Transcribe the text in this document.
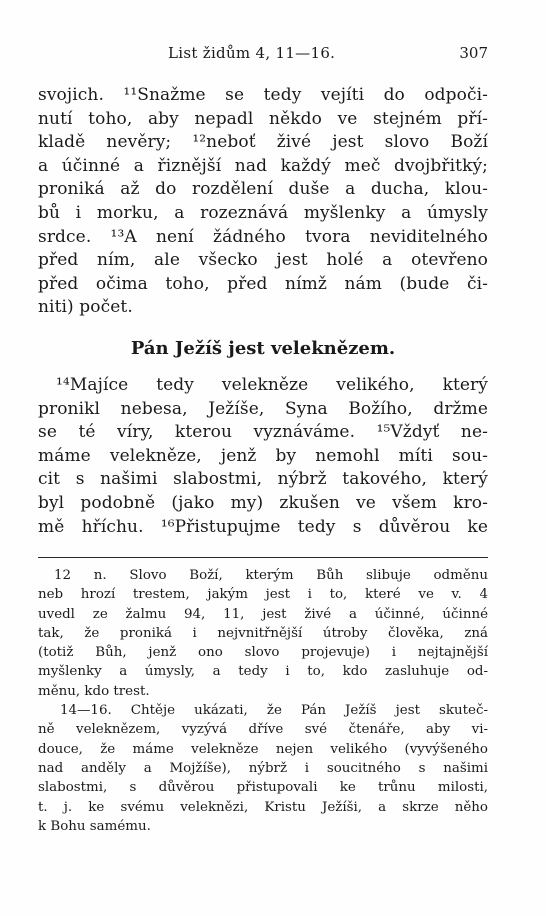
List židům 4, 11—16.	307
svojich. ¹¹Snažme se tedy vejíti do odpoči-
nutí toho, aby nepadl někdo ve stejném pří-
kladě nevěry; ¹²neboť živé jest slovo Boží
a účinné a řiznější nad každý meč dvojbřitký;
proniká až do rozdělení duše a ducha, klou-
bů i morku, a rozeznává myšlenky a úmysly
srdce. ¹³A není žádného tvora neviditelného
před ním, ale všecko jest holé a otevřeno
před očima toho, před nímž nám (bude či-
niti) počet.
Pán Ježíš jest veleknězem.
¹⁴Majíce tedy velekněze velikého, který
pronikl nebesa, Ježíše, Syna Božího, držme
se té víry, kterou vyznáváme. ¹⁵Vždyť ne-
máme velekněze, jenž by nemohl míti sou-
cit s našimi slabostmi, nýbrž takového, který
byl podobně (jako my) zkušen ve všem kro-
mě hříchu. ¹⁶Přistupujme tedy s důvěrou ke
12 n. Slovo Boží, kterým Bůh slibuje odměnu
neb hrozí trestem, jakým jest i to, které ve v. 4
uvedl ze žalmu 94, 11, jest živé a účinné, účinné
tak, že proniká i nejvnitřnější útroby člověka, zná
(totiž Bůh, jenž ono slovo projevuje) i nejtajnější
myšlenky a úmysly, a tedy i to, kdo zasluhuje od-
měnu, kdo trest.
14—16. Chtěje ukázati, že Pán Ježíš jest skuteč-
ně veleknězem, vyzývá dříve své čtenáře, aby vi-
douce, že máme velekněze nejen velikého (vyvýšeného
nad anděly a Mojžíše), nýbrž i soucitného s našimi
slabostmi, s důvěrou přistupovali ke trůnu milosti,
t. j. ke svému veleknězi, Kristu Ježíši, a skrze něho
k Bohu samému.
